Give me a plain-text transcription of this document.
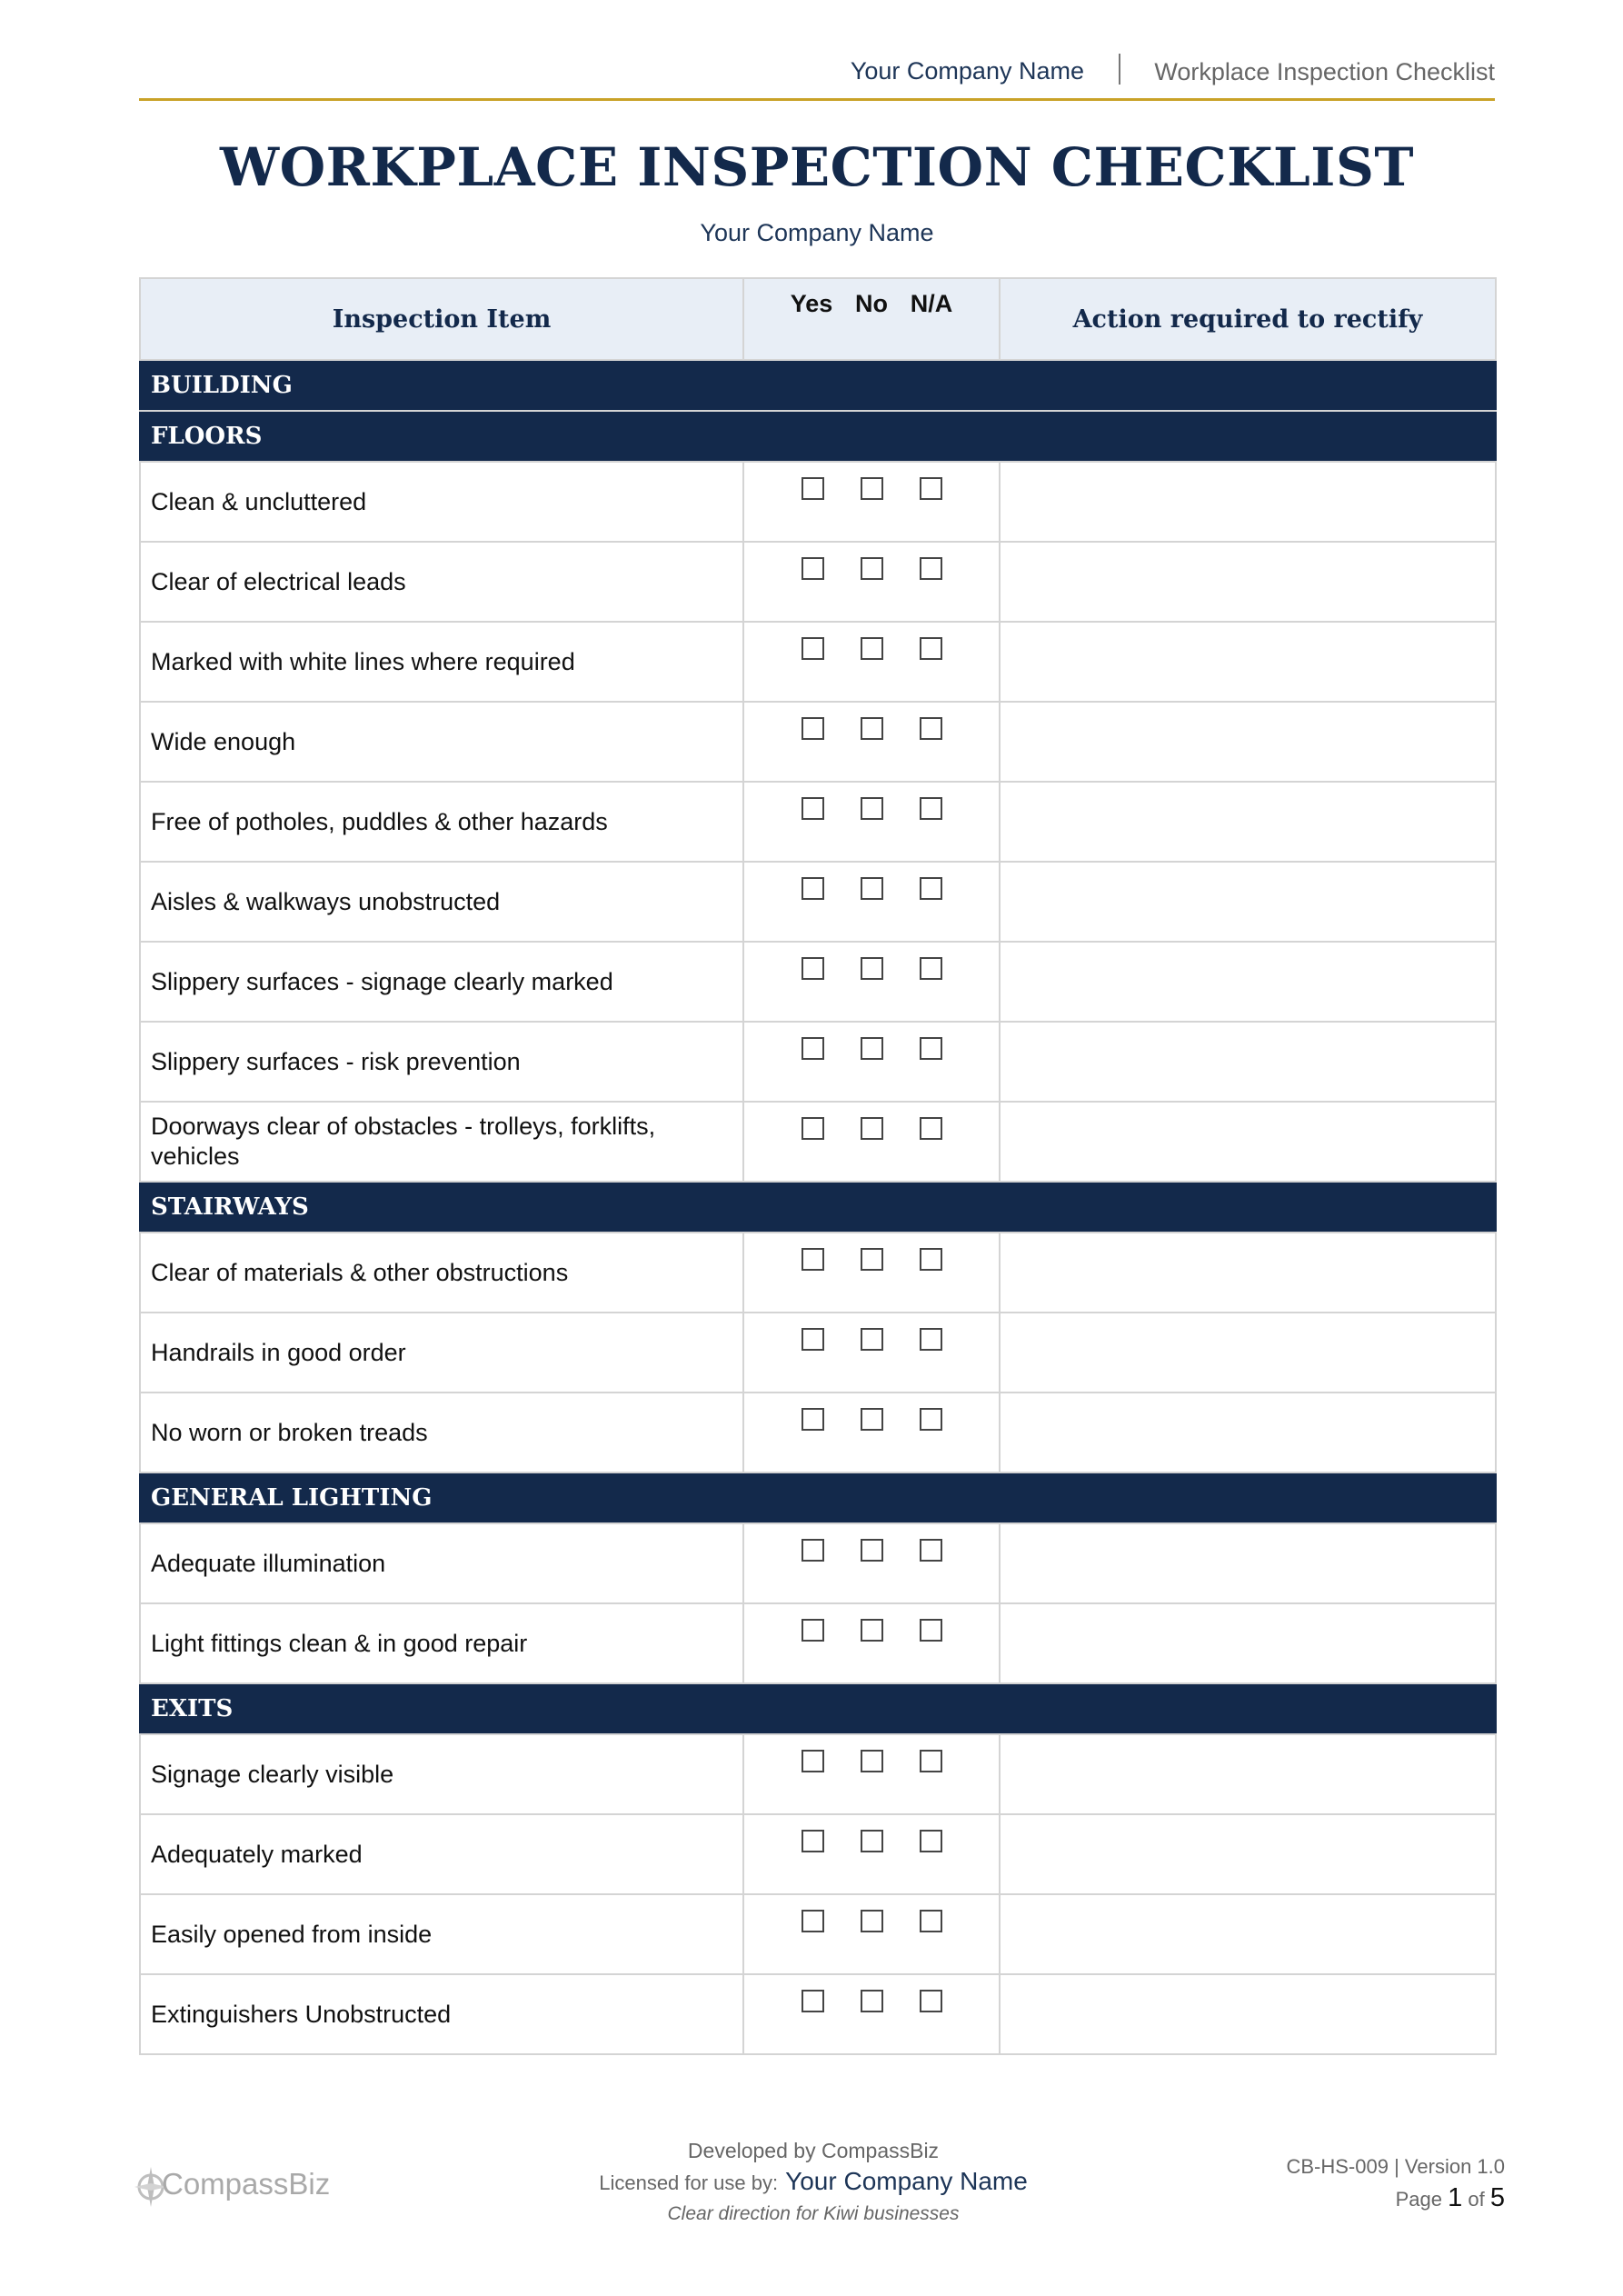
Your Company Name	Workplace Inspection Checklist
WORKPLACE INSPECTION CHECKLIST
Your Company Name
Inspection Item	Yes No N/A	Action required to rectify
BUILDING		
FLOORS		
Clean & uncluttered	

Clear of electrical leads	

Marked with white lines where required	

Wide enough	

Free of potholes, puddles & other hazards	

Aisles & walkways unobstructed	

Slippery surfaces - signage clearly marked	

Slippery surfaces - risk prevention	

Doorways clear of obstacles - trolleys, forklifts, vehicles	

STAIRWAYS		
Clear of materials & other obstructions	

Handrails in good order	

No worn or broken treads	

GENERAL LIGHTING		
Adequate illumination	

Light fittings clean & in good repair	

EXITS		
Signage clearly visible	

Adequately marked	

Easily opened from inside	

Extinguishers Unobstructed	

CompassBiz
Developed by CompassBiz
Licensed for use by: Your Company Name
Clear direction for Kiwi businesses
CB-HS-009 | Version 1.0
Page 1 of 5
